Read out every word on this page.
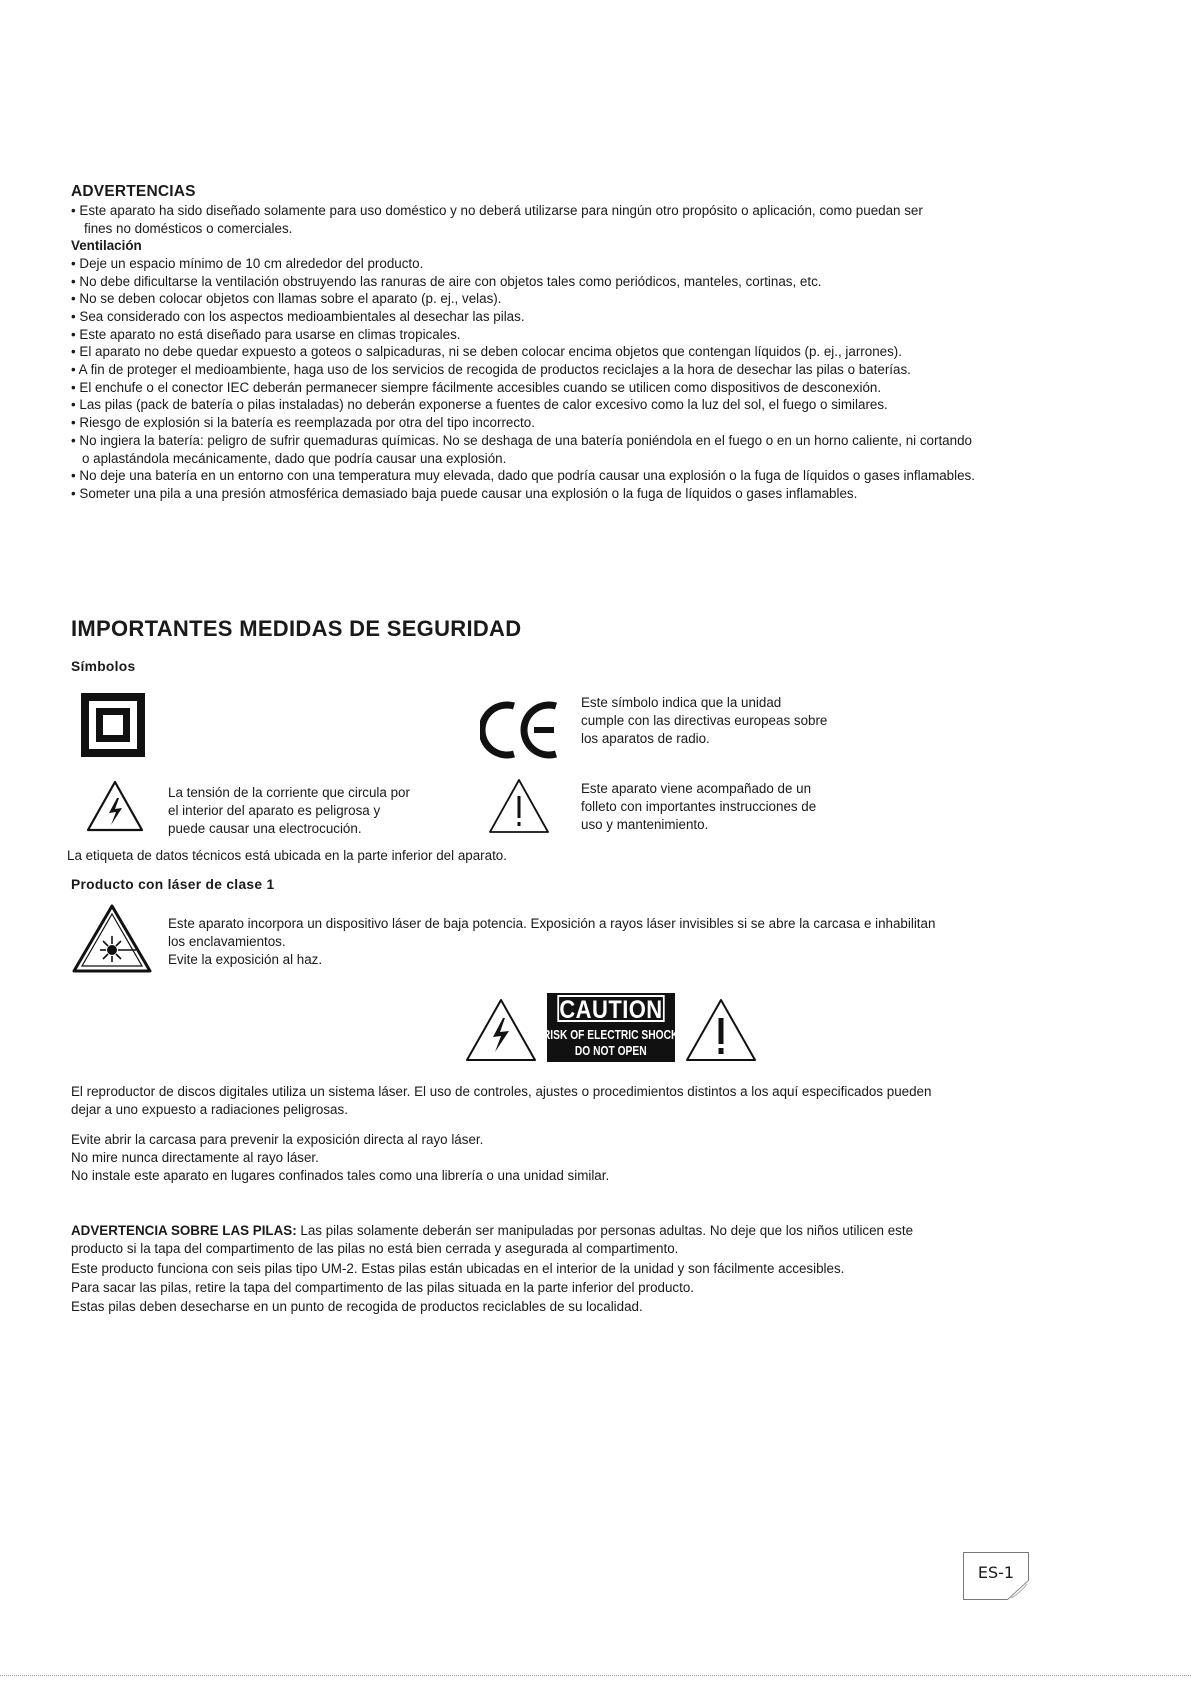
ADVERTENCIAS
• Este aparato ha sido diseñado solamente para uso doméstico y no deberá utilizarse para ningún otro propósito o aplicación, como puedan ser
fines no domésticos o comerciales.
Ventilación
• Deje un espacio mínimo de 10 cm alrededor del producto.
• No debe dificultarse la ventilación obstruyendo las ranuras de aire con objetos tales como periódicos, manteles, cortinas, etc.
• No se deben colocar objetos con llamas sobre el aparato (p. ej., velas).
• Sea considerado con los aspectos medioambientales al desechar las pilas.
• Este aparato no está diseñado para usarse en climas tropicales.
• El aparato no debe quedar expuesto a goteos o salpicaduras, ni se deben colocar encima objetos que contengan líquidos (p. ej., jarrones).
• A fin de proteger el medioambiente, haga uso de los servicios de recogida de productos reciclajes a la hora de desechar las pilas o baterías.
• El enchufe o el conector IEC deberán permanecer siempre fácilmente accesibles cuando se utilicen como dispositivos de desconexión.
• Las pilas (pack de batería o pilas instaladas) no deberán exponerse a fuentes de calor excesivo como la luz del sol, el fuego o similares.
• Riesgo de explosión si la batería es reemplazada por otra del tipo incorrecto.
• No ingiera la batería: peligro de sufrir quemaduras químicas. No se deshaga de una batería poniéndola en el fuego o en un horno caliente, ni cortando
o aplastándola mecánicamente, dado que podría causar una explosión.
• No deje una batería en un entorno con una temperatura muy elevada, dado que podría causar una explosión o la fuga de líquidos o gases inflamables.
• Someter una pila a una presión atmosférica demasiado baja puede causar una explosión o la fuga de líquidos o gases inflamables.
IMPORTANTES MEDIDAS DE SEGURIDAD
Símbolos
Este símbolo indica que la unidad
cumple con las directivas europeas sobre
los aparatos de radio.
La tensión de la corriente que circula por
el interior del aparato es peligrosa y
puede causar una electrocución.
Este aparato viene acompañado de un
folleto con importantes instrucciones de
uso y mantenimiento.
La etiqueta de datos técnicos está ubicada en la parte inferior del aparato.
Producto con láser de clase 1
Este aparato incorpora un dispositivo láser de baja potencia. Exposición a rayos láser invisibles si se abre la carcasa e inhabilitan
los enclavamientos.
Evite la exposición al haz.
CAUTION
RISK OF ELECTRIC SHOCK
DO NOT OPEN
El reproductor de discos digitales utiliza un sistema láser. El uso de controles, ajustes o procedimientos distintos a los aquí especificados pueden
dejar a uno expuesto a radiaciones peligrosas.
Evite abrir la carcasa para prevenir la exposición directa al rayo láser.
No mire nunca directamente al rayo láser.
No instale este aparato en lugares confinados tales como una librería o una unidad similar.
ADVERTENCIA SOBRE LAS PILAS: Las pilas solamente deberán ser manipuladas por personas adultas. No deje que los niños utilicen este
producto si la tapa del compartimento de las pilas no está bien cerrada y asegurada al compartimento.
Este producto funciona con seis pilas tipo UM-2. Estas pilas están ubicadas en el interior de la unidad y son fácilmente accesibles.
Para sacar las pilas, retire la tapa del compartimento de las pilas situada en la parte inferior del producto.
Estas pilas deben desecharse en un punto de recogida de productos reciclables de su localidad.
ES-1
